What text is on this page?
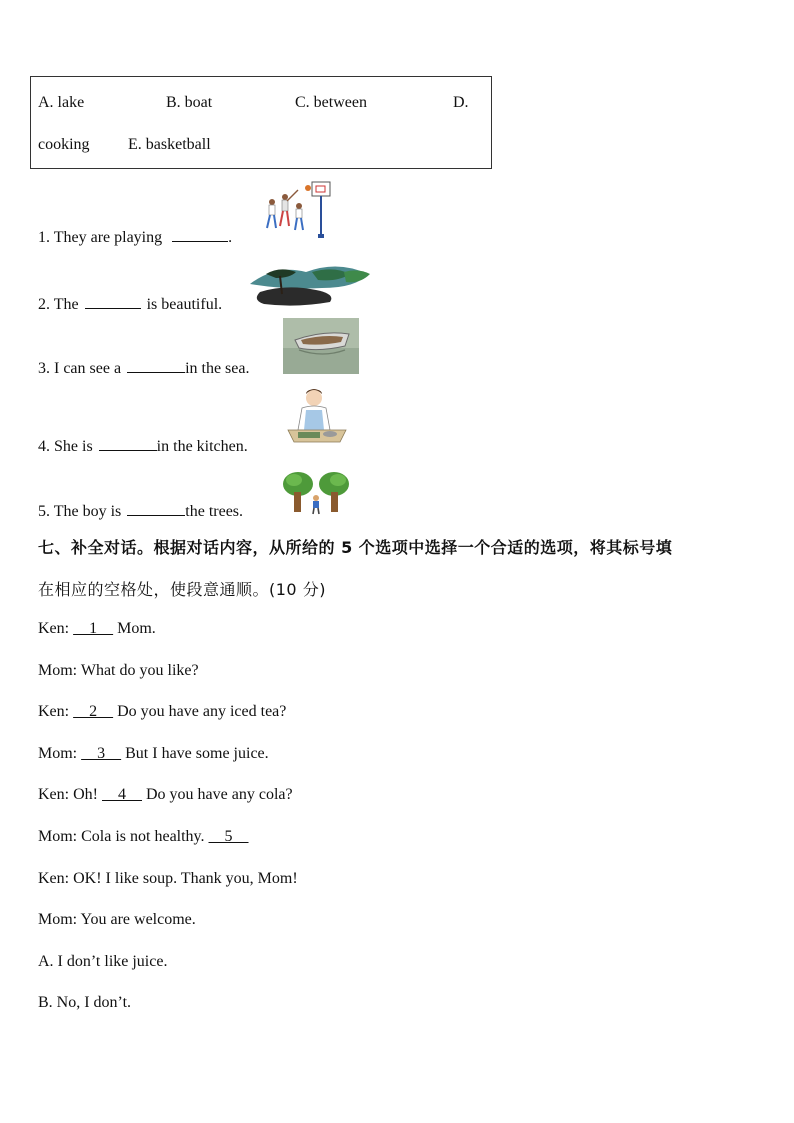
A. lake	B. boat	C. between	D.
cooking E. basketball
1. They are playing	.
2. The	is beautiful.
3. I can see a	in the sea.
4. She is	in the kitchen.
5. The boy is	the trees.
七、补全对话。根据对话内容，从所给的 5 个选项中选择一个合适的选项，将其标号填
在相应的空格处，使段意通顺。(10 分)
Ken:     1     Mom.
Mom: What do you like?
Ken:     2     Do you have any iced tea?
Mom:     3     But I have some juice.
Ken: Oh!     4     Do you have any cola?
Mom: Cola is not healthy.     5
Ken: OK! I like soup. Thank you, Mom!
Mom: You are welcome.
A. I don’t like juice.
B. No, I don’t.
